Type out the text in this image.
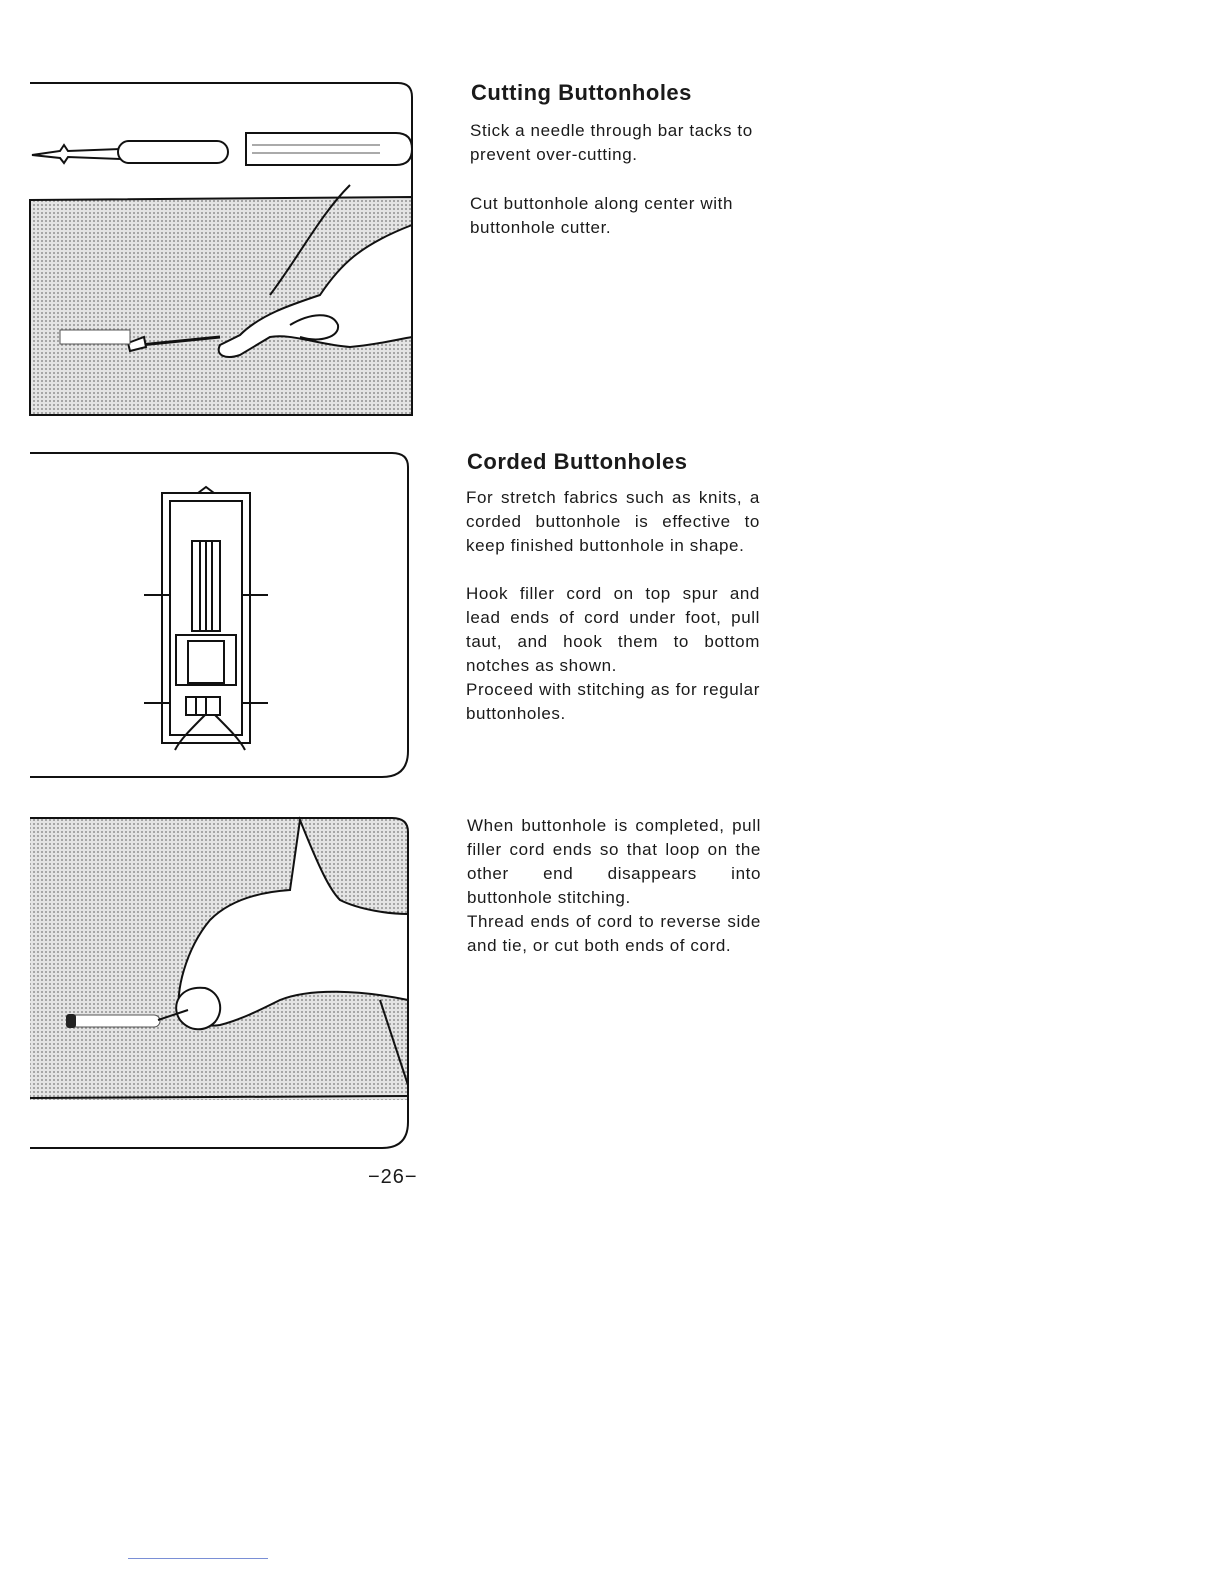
Cutting Buttonholes

Stick a needle through bar tacks to prevent over-cutting.

Cut buttonhole along center with buttonhole cutter.

Corded Buttonholes

For stretch fabrics such as knits, a corded buttonhole is effective to keep finished buttonhole in shape.

Hook filler cord on top spur and lead ends of cord under foot, pull taut, and hook them to bottom notches as shown.

Proceed with stitching as for regular buttonholes.

When buttonhole is completed, pull filler cord ends so that loop on the other end disappears into buttonhole stitching.

Thread ends of cord to reverse side and tie, or cut both ends of cord.

−26−
